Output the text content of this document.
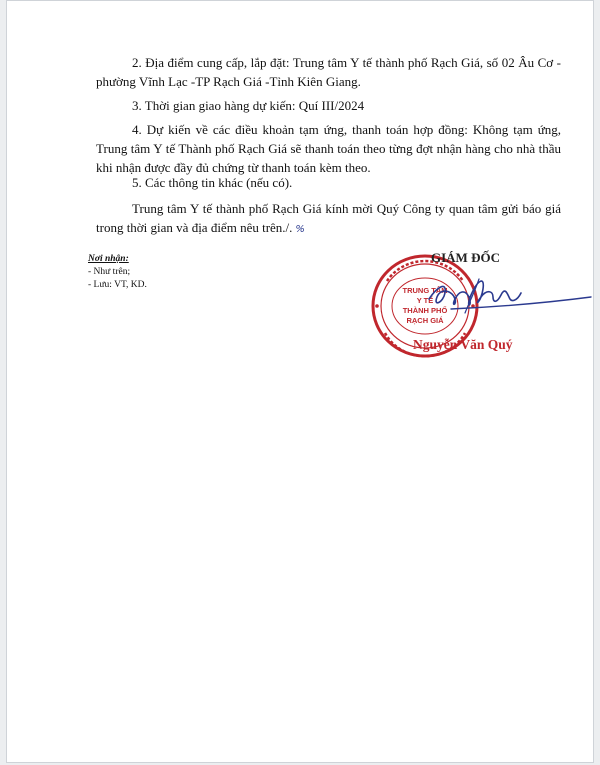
2. Địa điểm cung cấp, lắp đặt: Trung tâm Y tế thành phố Rạch Giá, số 02 Âu Cơ - phường Vĩnh Lạc -TP Rạch Giá -Tỉnh Kiên Giang.

3. Thời gian giao hàng dự kiến: Quí III/2024

4. Dự kiến về các điều khoản tạm ứng, thanh toán hợp đồng: Không tạm ứng, Trung tâm Y tế Thành phố Rạch Giá sẽ thanh toán theo từng đợt nhận hàng cho nhà thầu khi nhận được đầy đủ chứng từ thanh toán kèm theo.

5. Các thông tin khác (nếu có).

Trung tâm Y tế thành phố Rạch Giá kính mời Quý Công ty quan tâm gửi báo giá trong thời gian và địa điểm nêu trên./. %

Nơi nhận:
- Như trên;
- Lưu: VT, KD.
TRUNG TÂM
Y TẾ
THÀNH PHỐ
RẠCH GIÁ
GIÁM ĐỐC
Nguyễn Văn Quý
